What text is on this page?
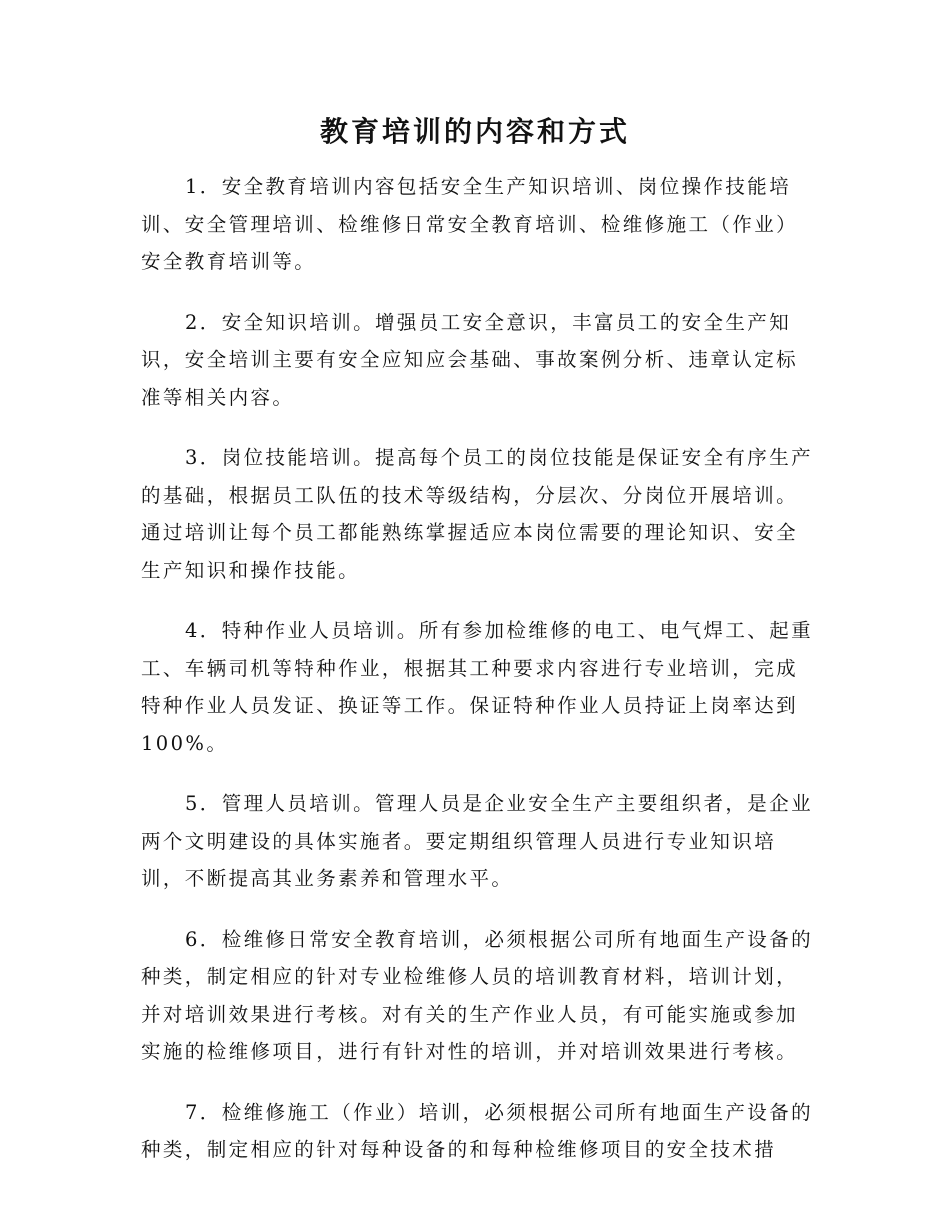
教育培训的内容和方式

1．安全教育培训内容包括安全生产知识培训、岗位操作技能培
训、安全管理培训、检维修日常安全教育培训、检维修施工（作业）
安全教育培训等。

2．安全知识培训。增强员工安全意识，丰富员工的安全生产知
识，安全培训主要有安全应知应会基础、事故案例分析、违章认定标
准等相关内容。

3．岗位技能培训。提高每个员工的岗位技能是保证安全有序生产
的基础，根据员工队伍的技术等级结构，分层次、分岗位开展培训。
通过培训让每个员工都能熟练掌握适应本岗位需要的理论知识、安全
生产知识和操作技能。

4．特种作业人员培训。所有参加检维修的电工、电气焊工、起重
工、车辆司机等特种作业，根据其工种要求内容进行专业培训，完成
特种作业人员发证、换证等工作。保证特种作业人员持证上岗率达到
100%。

5．管理人员培训。管理人员是企业安全生产主要组织者，是企业
两个文明建设的具体实施者。要定期组织管理人员进行专业知识培
训，不断提高其业务素养和管理水平。

6．检维修日常安全教育培训，必须根据公司所有地面生产设备的
种类，制定相应的针对专业检维修人员的培训教育材料，培训计划，
并对培训效果进行考核。对有关的生产作业人员，有可能实施或参加
实施的检维修项目，进行有针对性的培训，并对培训效果进行考核。

7．检维修施工（作业）培训，必须根据公司所有地面生产设备的
种类，制定相应的针对每种设备的和每种检维修项目的安全技术措
